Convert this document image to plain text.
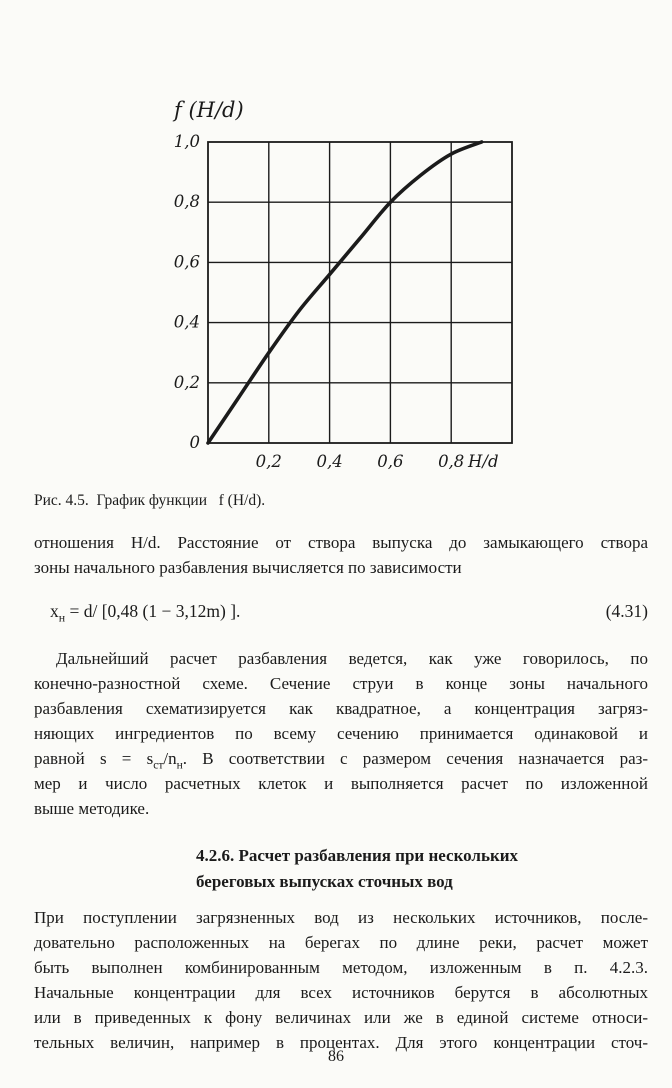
0
0,2
0,4
0,6
0,8
1,0
0,2 0,4 0,6 0,8 H/d
f (H/d)
Рис. 4.5.  График функции   f (H/d).
отношения H/d. Расстояние от створа выпуска до замыкающего створа
зоны начального разбавления вычисляется по зависимости
$x_н = d/$ [0,48 (1 − 3,12m) ].	(4.31)
Дальнейший расчет разбавления ведется, как уже говорилось, по
конечно-разностной схеме. Сечение струи в конце зоны начального
разбавления схематизируется как квадратное, а концентрация загряз-
няющих ингредиентов по всему сечению принимается одинаковой и
равной $s = s_{ст}/n_н$. В соответствии с размером сечения назначается раз-
мер и число расчетных клеток и выполняется расчет по изложенной
выше методике.
4.2.6. Расчет разбавления при нескольких
береговых выпусках сточных вод
При поступлении загрязненных вод из нескольких источников, после-
довательно расположенных на берегах по длине реки, расчет может
быть выполнен комбинированным методом, изложенным в п. 4.2.3.
Начальные концентрации для всех источников берутся в абсолютных
или в приведенных к фону величинах или же в единой системе относи-
тельных величин, например в процентах. Для этого концентрации сточ-
86
